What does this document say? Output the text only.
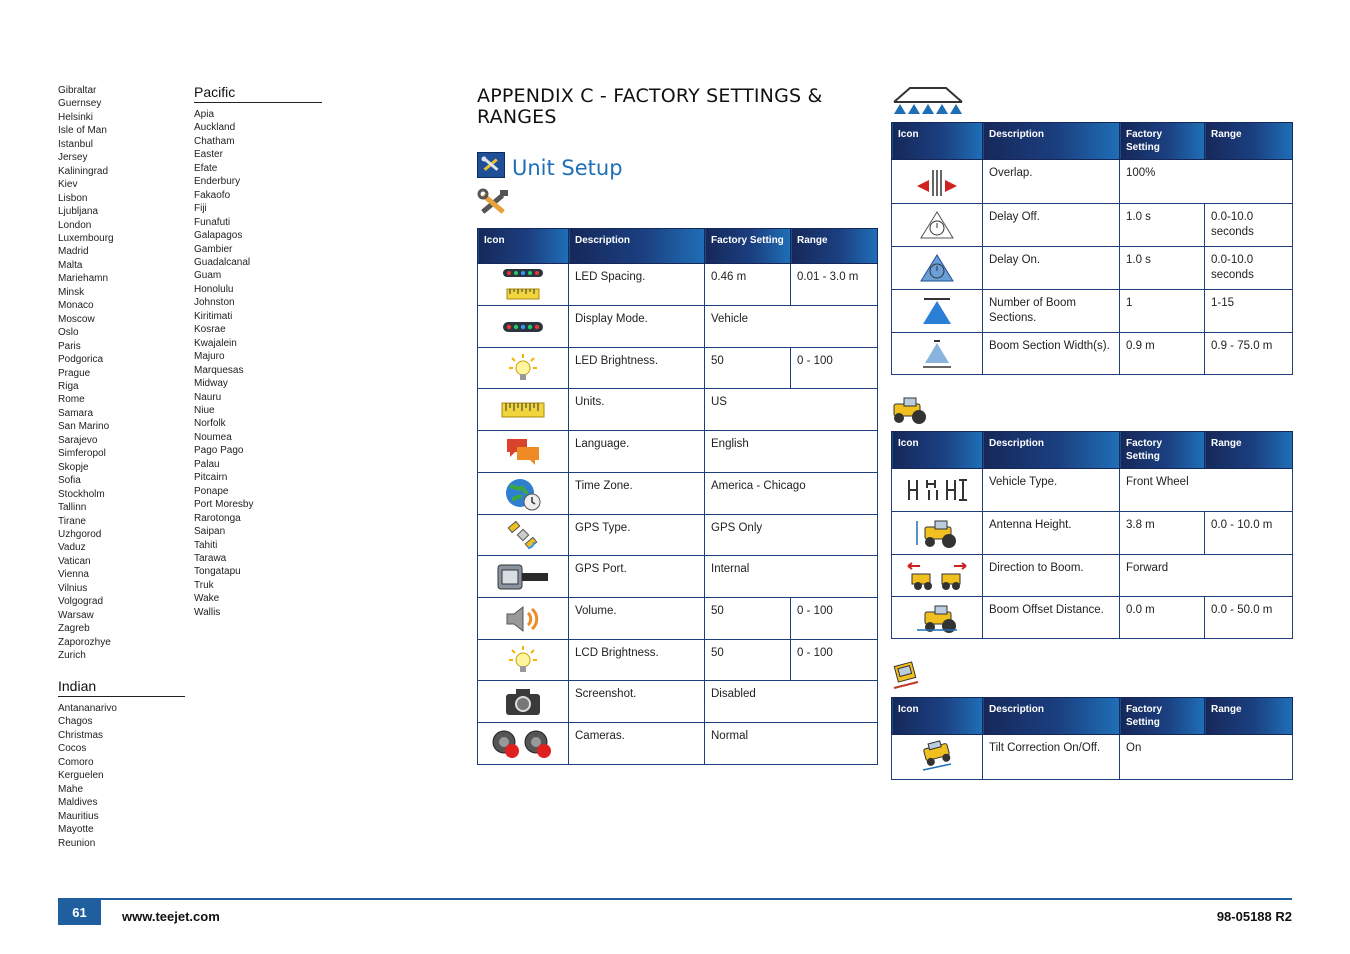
Gibraltar
Guernsey
Helsinki
Isle of Man
Istanbul
Jersey
Kaliningrad
Kiev
Lisbon
Ljubljana
London
Luxembourg
Madrid
Malta
Mariehamn
Minsk
Monaco
Moscow
Oslo
Paris
Podgorica
Prague
Riga
Rome
Samara
San Marino
Sarajevo
Simferopol
Skopje
Sofia
Stockholm
Tallinn
Tirane
Uzhgorod
Vaduz
Vatican
Vienna
Vilnius
Volgograd
Warsaw
Zagreb
Zaporozhye
Zurich
Pacific
Apia
Auckland
Chatham
Easter
Efate
Enderbury
Fakaofo
Fiji
Funafuti
Galapagos
Gambier
Guadalcanal
Guam
Honolulu
Johnston
Kiritimati
Kosrae
Kwajalein
Majuro
Marquesas
Midway
Nauru
Niue
Norfolk
Noumea
Pago Pago
Palau
Pitcairn
Ponape
Port Moresby
Rarotonga
Saipan
Tahiti
Tarawa
Tongatapu
Truk
Wake
Wallis
Indian
Antananarivo
Chagos
Christmas
Cocos
Comoro
Kerguelen
Mahe
Maldives
Mauritius
Mayotte
Reunion
APPENDIX C - FACTORY SETTINGS & RANGES
Unit Setup
Icon	Description	Factory Setting	Range

	LED Spacing.	0.46 m	0.01 - 3.0 m

	Display Mode.	Vehicle	

	LED Brightness.	50	0 - 100

	Units.	US	

	Language.	English	

	Time Zone.	America - Chicago	

	GPS Type.	GPS Only	

	GPS Port.	Internal	

	Volume.	50	0 - 100

	LCD Brightness.	50	0 - 100

	Screenshot.	Disabled	

	Cameras.	Normal	
Icon	Description	Factory Setting	Range

	Overlap.	100%	

	Delay Off.	1.0 s	0.0-10.0 seconds

	Delay On.	1.0 s	0.0-10.0 seconds

	Number of Boom Sections.	1	1-15

	Boom Section Width(s).	0.9 m	0.9 - 75.0 m
Icon	Description	Factory Setting	Range

	Vehicle Type.	Front Wheel	

	Antenna Height.	3.8 m	0.0 - 10.0 m

	Direction to Boom.	Forward	

	Boom Offset Distance.	0.0 m	0.0 - 50.0 m
Icon	Description	Factory Setting	Range

	Tilt Correction On/Off.	On	
61	www.teejet.com	98-05188 R2
